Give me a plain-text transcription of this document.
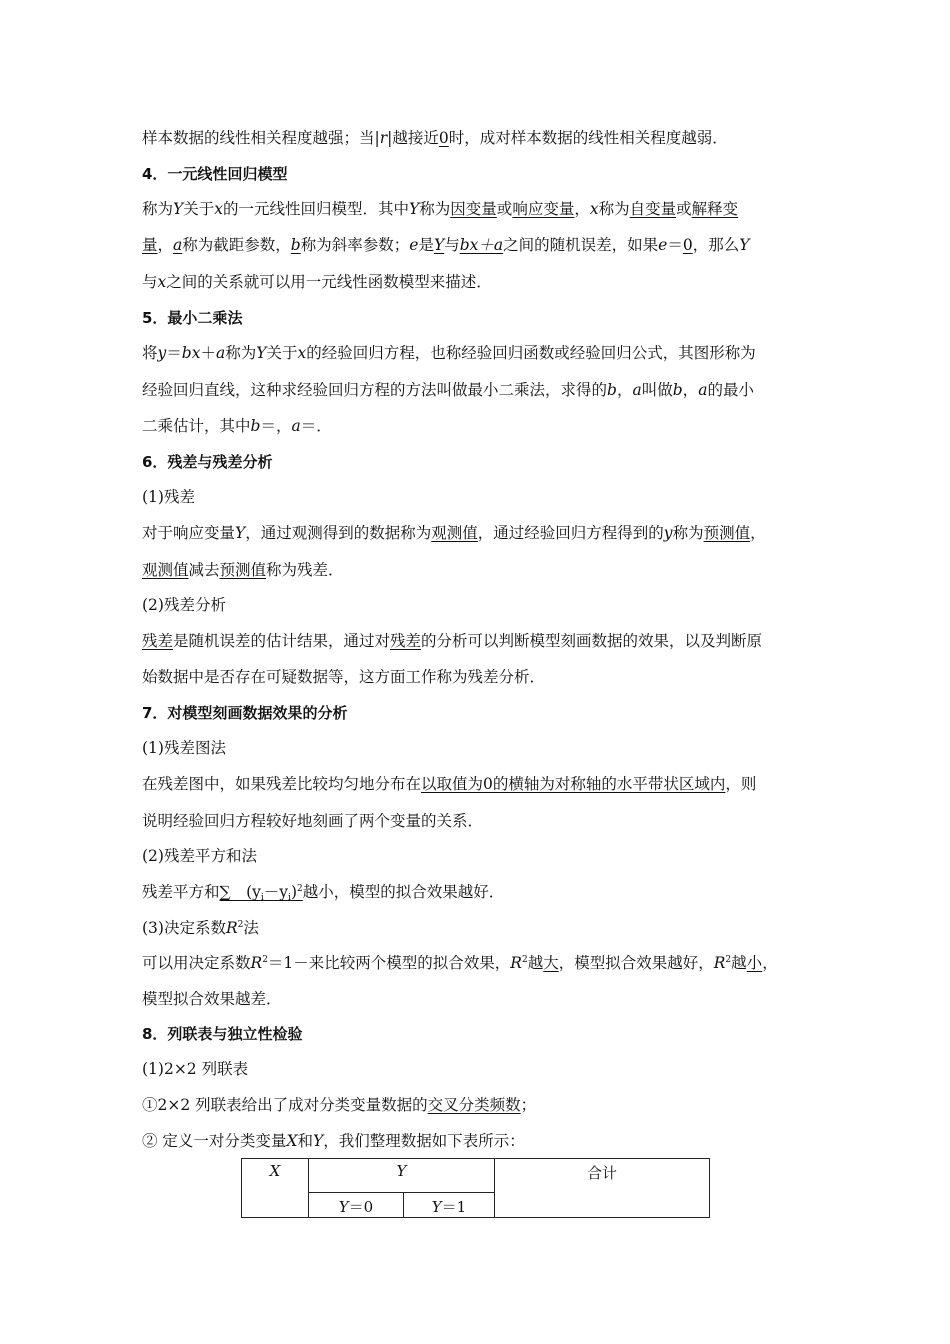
样本数据的线性相关程度越强；当|r|越接近0时，成对样本数据的线性相关程度越弱．
4．一元线性回归模型
称为Y关于x的一元线性回归模型．其中Y称为因变量或响应变量，x称为自变量或解释变
量，a称为截距参数，b称为斜率参数；e是Y与bx＋a之间的随机误差，如果e＝0，那么Y
与x之间的关系就可以用一元线性函数模型来描述．
5．最小二乘法
将y＝bx＋a称为Y关于x的经验回归方程，也称经验回归函数或经验回归公式，其图形称为
经验回归直线，这种求经验回归方程的方法叫做最小二乘法，求得的b，a叫做b，a的最小
二乘估计，其中b＝，a＝．
6．残差与残差分析
(1)残差
对于响应变量Y，通过观测得到的数据称为观测值，通过经验回归方程得到的y称为预测值，
观测值减去预测值称为残差．
(2)残差分析
残差是随机误差的估计结果，通过对残差的分析可以判断模型刻画数据的效果，以及判断原
始数据中是否存在可疑数据等，这方面工作称为残差分析．
7．对模型刻画数据效果的分析
(1)残差图法
在残差图中，如果残差比较均匀地分布在以取值为0的横轴为对称轴的水平带状区域内，则
说明经验回归方程较好地刻画了两个变量的关系．
(2)残差平方和法
残差平方和∑　$(y_i-y_i)^2$越小，模型的拟合效果越好．
(3)决定系数$R^2$法
可以用决定系数$R^2=1-$来比较两个模型的拟合效果，$R^2$越大，模型拟合效果越好，$R^2$越小，
模型拟合效果越差．
8．列联表与独立性检验
(1)2×2 列联表
①2×2 列联表给出了成对分类变量数据的交叉分类频数；
② 定义一对分类变量X和Y，我们整理数据如下表所示：
X	Y		合计
	Y＝0	Y＝1	
